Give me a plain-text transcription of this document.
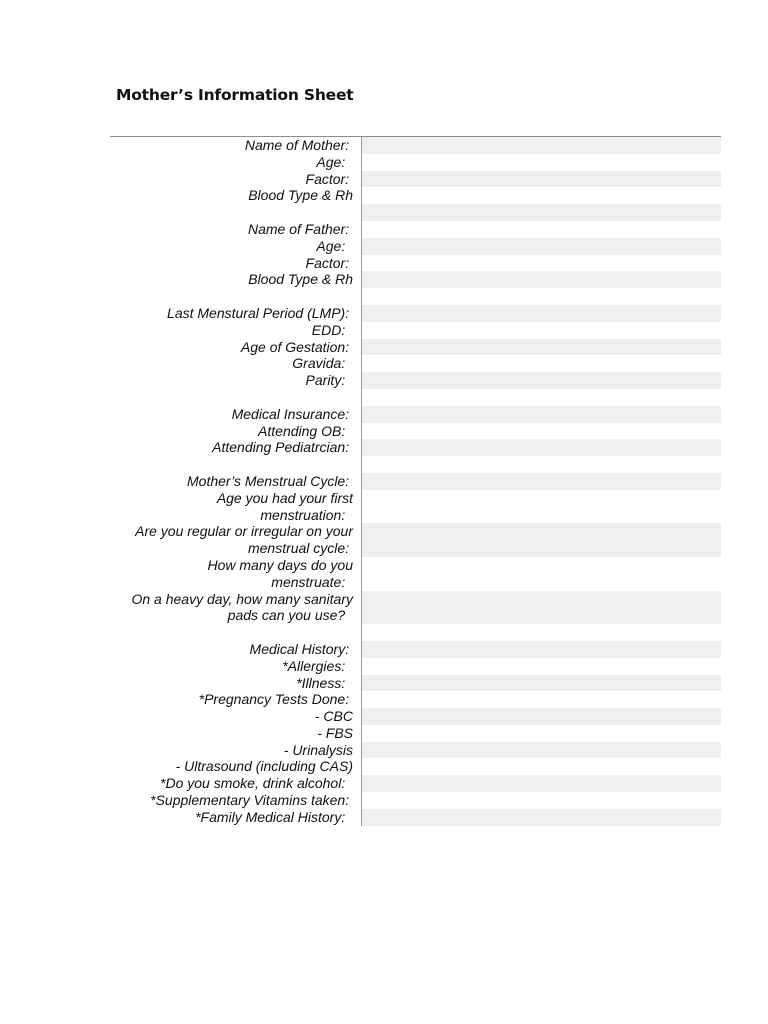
Mother’s Information Sheet
Name of Mother:
Age:
Factor:
Blood Type & Rh
Name of Father:
Age:
Factor:
Blood Type & Rh
Last Menstural Period (LMP):
EDD:
Age of Gestation:
Gravida:
Parity:
Medical Insurance:
Attending OB:
Attending Pediatrcian:
Mother’s Menstrual Cycle:
Age you had your first
menstruation:
Are you regular or irregular on your
menstrual cycle:
How many days do you
menstruate:
On a heavy day, how many sanitary
pads can you use?
Medical History:
*Allergies:
*Illness:
*Pregnancy Tests Done:
- CBC
- FBS
- Urinalysis
- Ultrasound (including CAS)
*Do you smoke, drink alcohol:
*Supplementary Vitamins taken:
*Family Medical History:
